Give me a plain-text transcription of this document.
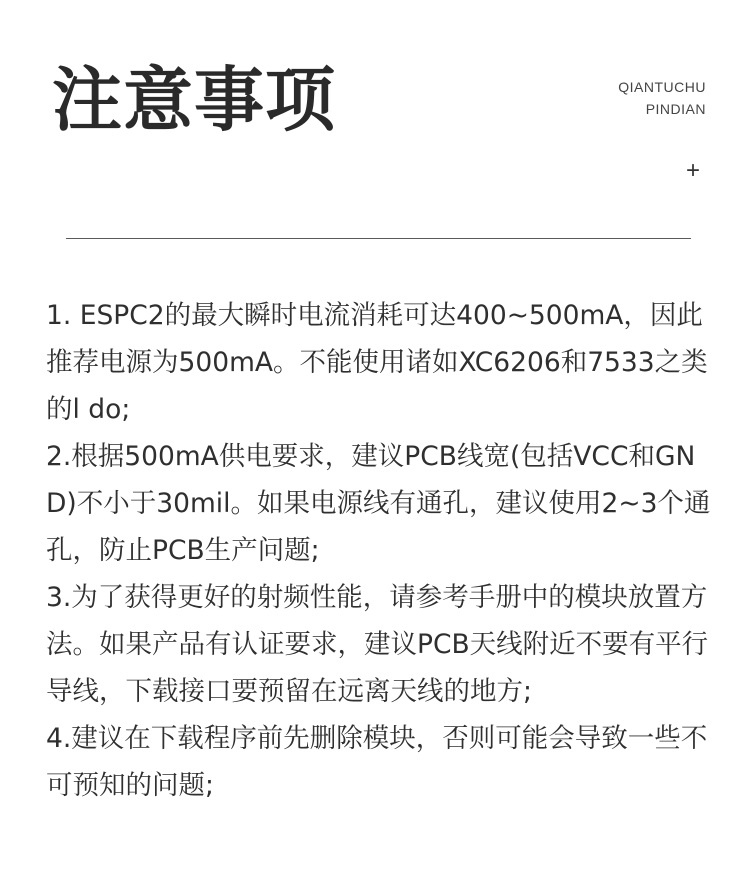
注意事项	QIANTUCHU
PINDIAN
+

1. ESPC2的最大瞬时电流消耗可达400~500mA，因此推荐电源为500mA。不能使用诸如XC6206和7533之类的l do;

2.根据500mA供电要求，建议PCB线宽(包括VCC和GND)不小于30mil。如果电源线有通孔，建议使用2~3个通孔，防止PCB生产问题;

3.为了获得更好的射频性能，请参考手册中的模块放置方法。如果产品有认证要求，建议PCB天线附近不要有平行导线，下载接口要预留在远离天线的地方;

4.建议在下载程序前先删除模块，否则可能会导致一些不可预知的问题;
